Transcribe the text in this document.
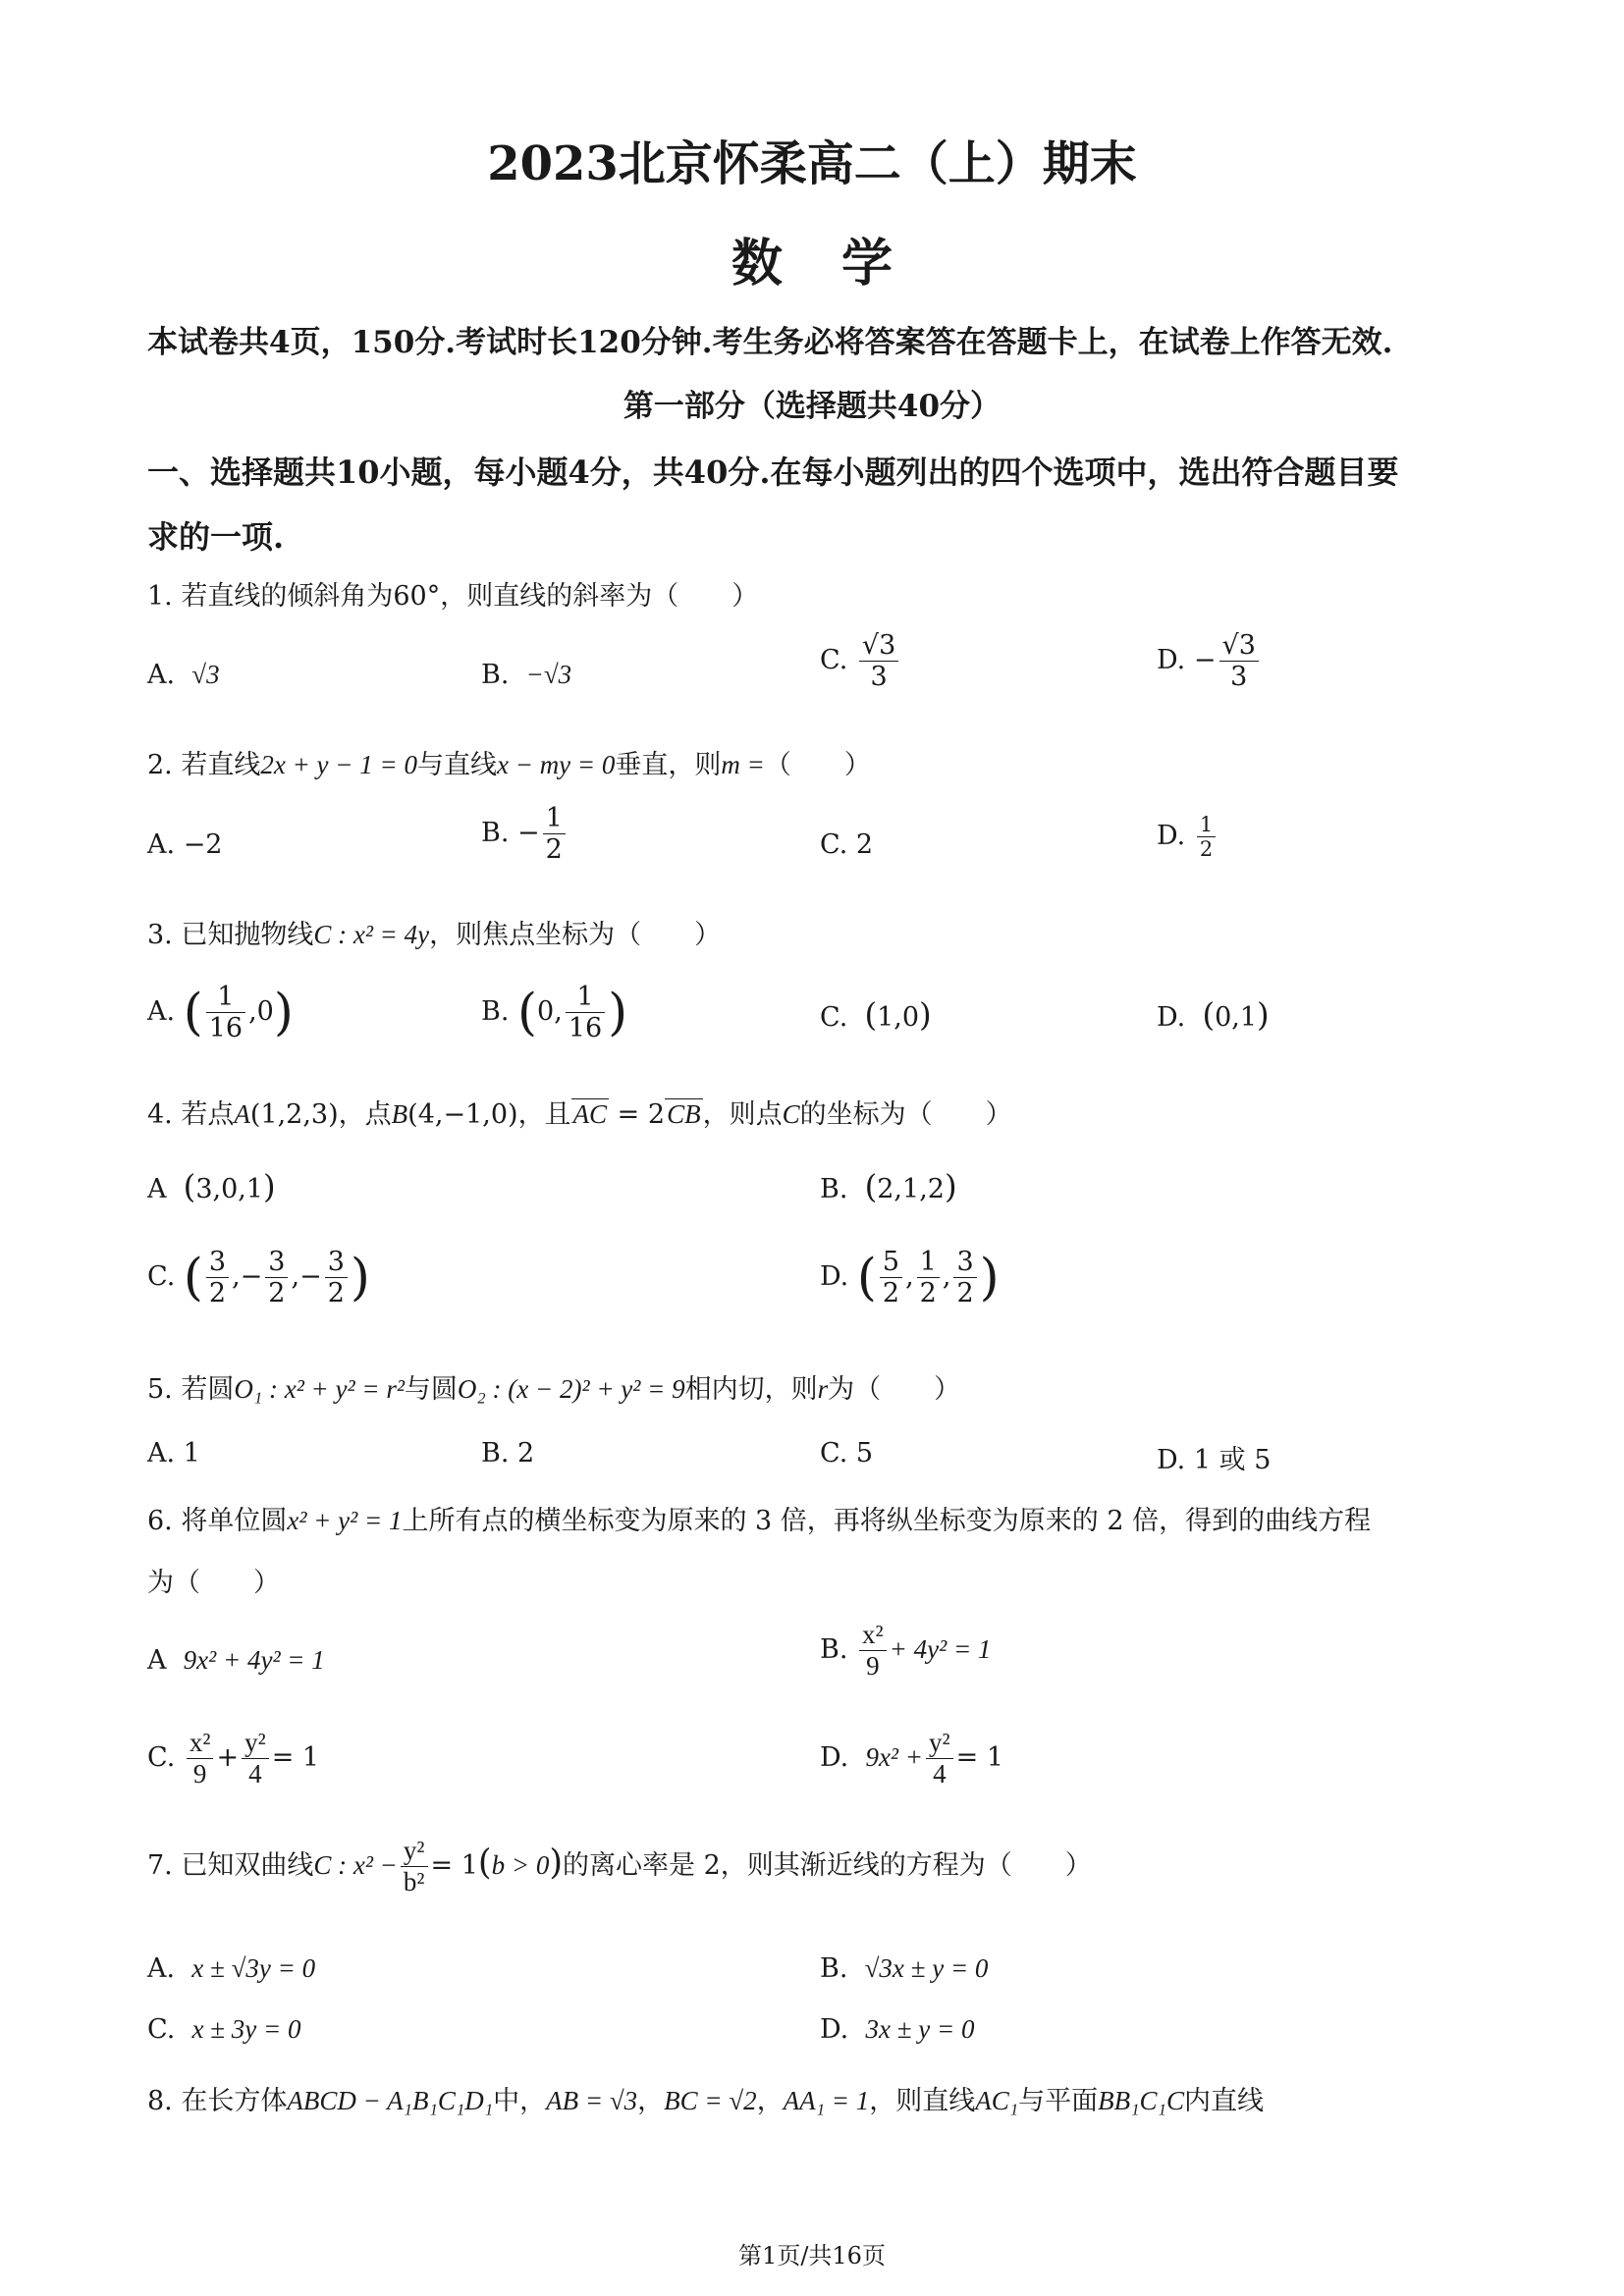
2023北京怀柔高二（上）期末
数学
本试卷共4页，150分.考试时长120分钟.考生务必将答案答在答题卡上，在试卷上作答无效.
第一部分（选择题共40分）
一、选择题共10小题，每小题4分，共40分.在每小题列出的四个选项中，选出符合题目要
求的一项.
1. 若直线的倾斜角为60°，则直线的斜率为（　　）
A. √3	B. −√3	C. $\frac{√3}{3}$	D. − $\frac{√3}{3}$
2. 若直线2x + y − 1 = 0与直线x − my = 0垂直，则m =（　　）
A. −2	B. − $\frac{1}{2}$	C. 2	D. $\frac{1}{2}$
3. 已知抛物线C : x² = 4y，则焦点坐标为（　　）
A. ( $\frac{1}{16} ,0$)	B. (0, $\frac{1}{16}$ )	C. (1,0)	D. (0,1)
4. 若点A(1,2,3)，点B(4,−1,0)，且AC = 2CB，则点C的坐标为（　　）
A (3,0,1)	B. (2,1,2)
C. ( $\frac{3}{2}$ ,− $\frac{3}{2}$ ,− $\frac{3}{2}$ )	D. ( $\frac{5}{2}$ , $\frac{1}{2}$ , $\frac{3}{2}$ )
5. 若圆O₁ : x² + y² = r²与圆O₂ : (x − 2)² + y² = 9相内切，则r为（　　）
A. 1	B. 2	C. 5	D. 1 或 5
6. 将单位圆x² + y² = 1上所有点的横坐标变为原来的 3 倍，再将纵坐标变为原来的 2 倍，得到的曲线方程
为（　　）
A 9x² + 4y² = 1	B. $\frac{\text{x²}}{9} + 4y^2 = 1$
C. $\frac{\text{x²}}{9} + \frac{\text{y²}}{4} = 1$	D. $9x^2 + \frac{\text{y²}}{4} = 1$
7. 已知双曲线C : $x^2 - \frac{\text{y²}}{\text{b²}} = 1(b > 0)$的离心率是 2，则其渐近线的方程为（　　）
A. x ± √3y = 0	B. √3x ± y = 0
C. x ± 3y = 0	D. 3x ± y = 0
8. 在长方体ABCD − A₁B₁C₁D₁中，AB = √3，BC = √2，AA₁ = 1，则直线AC₁与平面BB₁C₁C内直线
第1页/共16页
